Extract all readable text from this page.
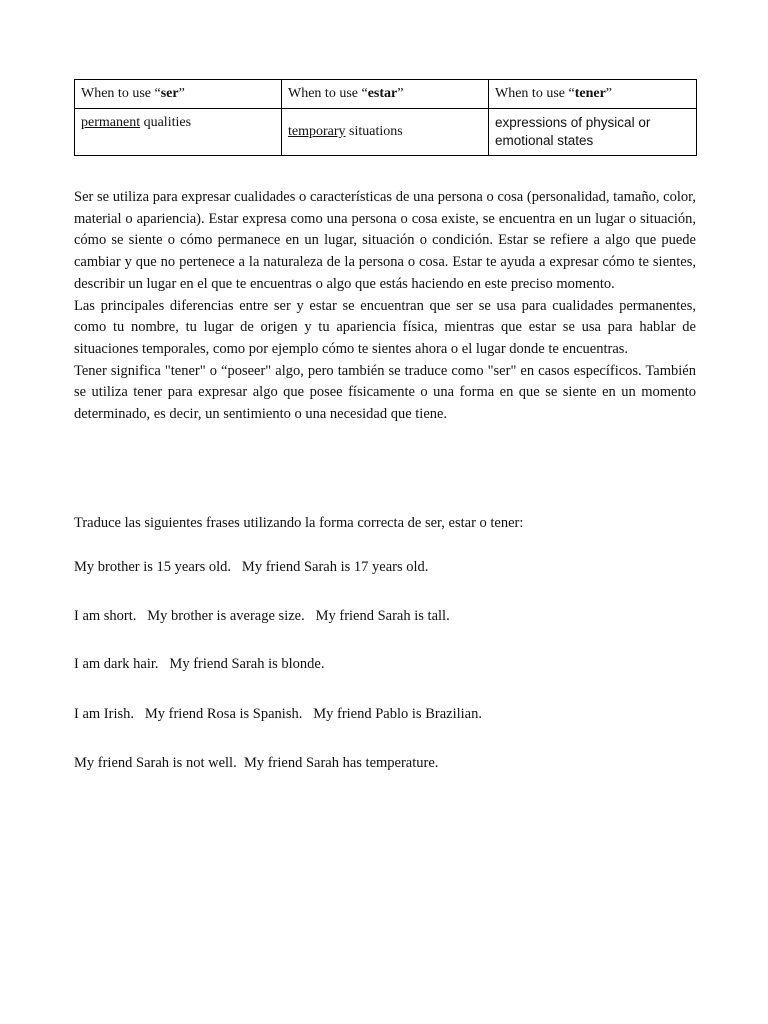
When to use “ser”	When to use “estar”	When to use “tener”
permanent qualities	temporary situations	expressions of physical or emotional states

Ser se utiliza para expresar cualidades o características de una persona o cosa (personalidad, tamaño, color, material o apariencia). Estar expresa como una persona o cosa existe, se encuentra en un lugar o situación, cómo se siente o cómo permanece en un lugar, situación o condición. Estar se refiere a algo que puede cambiar y que no pertenece a la naturaleza de la persona o cosa. Estar te ayuda a expresar cómo te sientes, describir un lugar en el que te encuentras o algo que estás haciendo en este preciso momento.

Las principales diferencias entre ser y estar se encuentran que ser se usa para cualidades permanentes, como tu nombre, tu lugar de origen y tu apariencia física, mientras que estar se usa para hablar de situaciones temporales, como por ejemplo cómo te sientes ahora o el lugar donde te encuentras.

Tener significa "tener" o “poseer" algo, pero también se traduce como "ser" en casos específicos. También se utiliza tener para expresar algo que posee físicamente o una forma en que se siente en un momento determinado, es decir, un sentimiento o una necesidad que tiene.

Traduce las siguientes frases utilizando la forma correcta de ser, estar o tener:

My brother is 15 years old.   My friend Sarah is 17 years old.

I am short.   My brother is average size.   My friend Sarah is tall.

I am dark hair.   My friend Sarah is blonde.

I am Irish.   My friend Rosa is Spanish.   My friend Pablo is Brazilian.

My friend Sarah is not well.  My friend Sarah has temperature.
